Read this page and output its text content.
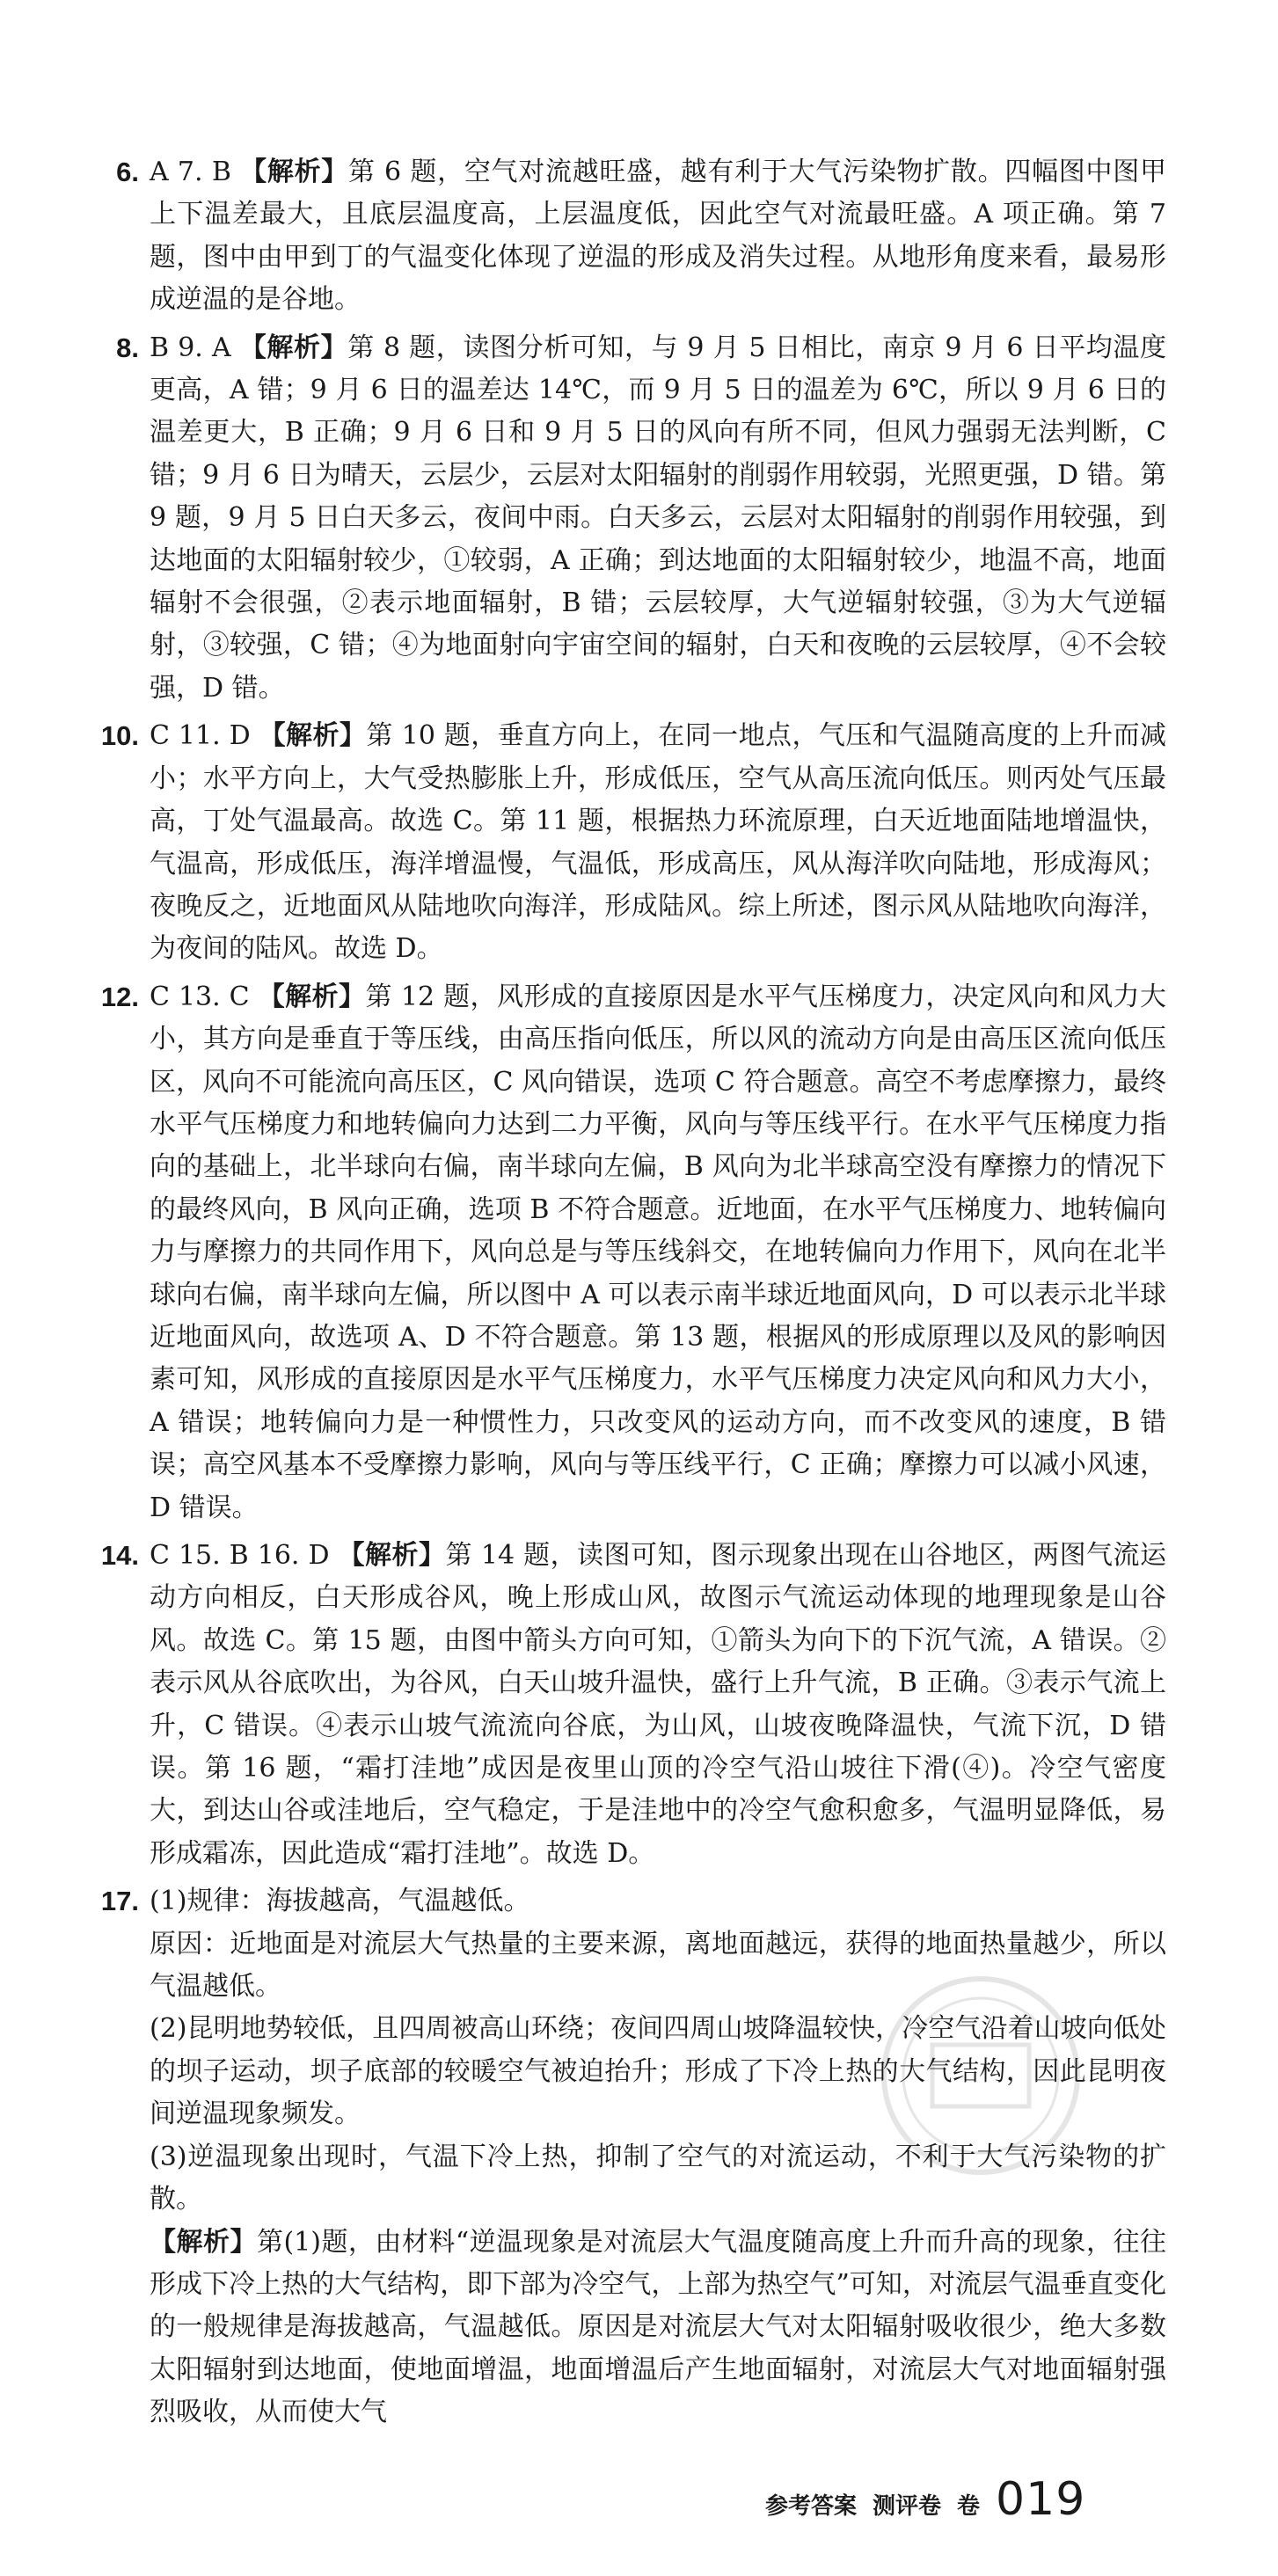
6. A 7. B 【解析】第 6 题，空气对流越旺盛，越有利于大气污染物扩散。四幅图中图甲上下温差最大，且底层温度高，上层温度低，因此空气对流最旺盛。A 项正确。第 7 题，图中由甲到丁的气温变化体现了逆温的形成及消失过程。从地形角度来看，最易形成逆温的是谷地。
8. B 9. A 【解析】第 8 题，读图分析可知，与 9 月 5 日相比，南京 9 月 6 日平均温度更高，A 错；9 月 6 日的温差达 14℃，而 9 月 5 日的温差为 6℃，所以 9 月 6 日的温差更大，B 正确；9 月 6 日和 9 月 5 日的风向有所不同，但风力强弱无法判断，C 错；9 月 6 日为晴天，云层少，云层对太阳辐射的削弱作用较弱，光照更强，D 错。第 9 题，9 月 5 日白天多云，夜间中雨。白天多云，云层对太阳辐射的削弱作用较强，到达地面的太阳辐射较少，①较弱，A 正确；到达地面的太阳辐射较少，地温不高，地面辐射不会很强，②表示地面辐射，B 错；云层较厚，大气逆辐射较强，③为大气逆辐射，③较强，C 错；④为地面射向宇宙空间的辐射，白天和夜晚的云层较厚，④不会较强，D 错。
10. C 11. D 【解析】第 10 题，垂直方向上，在同一地点，气压和气温随高度的上升而减小；水平方向上，大气受热膨胀上升，形成低压，空气从高压流向低压。则丙处气压最高，丁处气温最高。故选 C。第 11 题，根据热力环流原理，白天近地面陆地增温快，气温高，形成低压，海洋增温慢，气温低，形成高压，风从海洋吹向陆地，形成海风；夜晚反之，近地面风从陆地吹向海洋，形成陆风。综上所述，图示风从陆地吹向海洋，为夜间的陆风。故选 D。
12. C 13. C 【解析】第 12 题，风形成的直接原因是水平气压梯度力，决定风向和风力大小，其方向是垂直于等压线，由高压指向低压，所以风的流动方向是由高压区流向低压区，风向不可能流向高压区，C 风向错误，选项 C 符合题意。高空不考虑摩擦力，最终水平气压梯度力和地转偏向力达到二力平衡，风向与等压线平行。在水平气压梯度力指向的基础上，北半球向右偏，南半球向左偏，B 风向为北半球高空没有摩擦力的情况下的最终风向，B 风向正确，选项 B 不符合题意。近地面，在水平气压梯度力、地转偏向力与摩擦力的共同作用下，风向总是与等压线斜交，在地转偏向力作用下，风向在北半球向右偏，南半球向左偏，所以图中 A 可以表示南半球近地面风向，D 可以表示北半球近地面风向，故选项 A、D 不符合题意。第 13 题，根据风的形成原理以及风的影响因素可知，风形成的直接原因是水平气压梯度力，水平气压梯度力决定风向和风力大小，A 错误；地转偏向力是一种惯性力，只改变风的运动方向，而不改变风的速度，B 错误；高空风基本不受摩擦力影响，风向与等压线平行，C 正确；摩擦力可以减小风速，D 错误。
14. C 15. B 16. D 【解析】第 14 题，读图可知，图示现象出现在山谷地区，两图气流运动方向相反，白天形成谷风，晚上形成山风，故图示气流运动体现的地理现象是山谷风。故选 C。第 15 题，由图中箭头方向可知，①箭头为向下的下沉气流，A 错误。②表示风从谷底吹出，为谷风，白天山坡升温快，盛行上升气流，B 正确。③表示气流上升，C 错误。④表示山坡气流流向谷底，为山风，山坡夜晚降温快，气流下沉，D 错误。第 16 题，“霜打洼地”成因是夜里山顶的冷空气沿山坡往下滑(④)。冷空气密度大，到达山谷或洼地后，空气稳定，于是洼地中的冷空气愈积愈多，气温明显降低，易形成霜冻，因此造成“霜打洼地”。故选 D。
17. (1)规律：海拔越高，气温越低。
原因：近地面是对流层大气热量的主要来源，离地面越远，获得的地面热量越少，所以气温越低。
(2)昆明地势较低，且四周被高山环绕；夜间四周山坡降温较快，冷空气沿着山坡向低处的坝子运动，坝子底部的较暖空气被迫抬升；形成了下冷上热的大气结构，因此昆明夜间逆温现象频发。
(3)逆温现象出现时，气温下冷上热，抑制了空气的对流运动，不利于大气污染物的扩散。
【解析】第(1)题，由材料“逆温现象是对流层大气温度随高度上升而升高的现象，往往形成下冷上热的大气结构，即下部为冷空气，上部为热空气”可知，对流层气温垂直变化的一般规律是海拔越高，气温越低。原因是对流层大气对太阳辐射吸收很少，绝大多数太阳辐射到达地面，使地面增温，地面增温后产生地面辐射，对流层大气对地面辐射强烈吸收，从而使大气
参考答案 测评卷 卷 019
